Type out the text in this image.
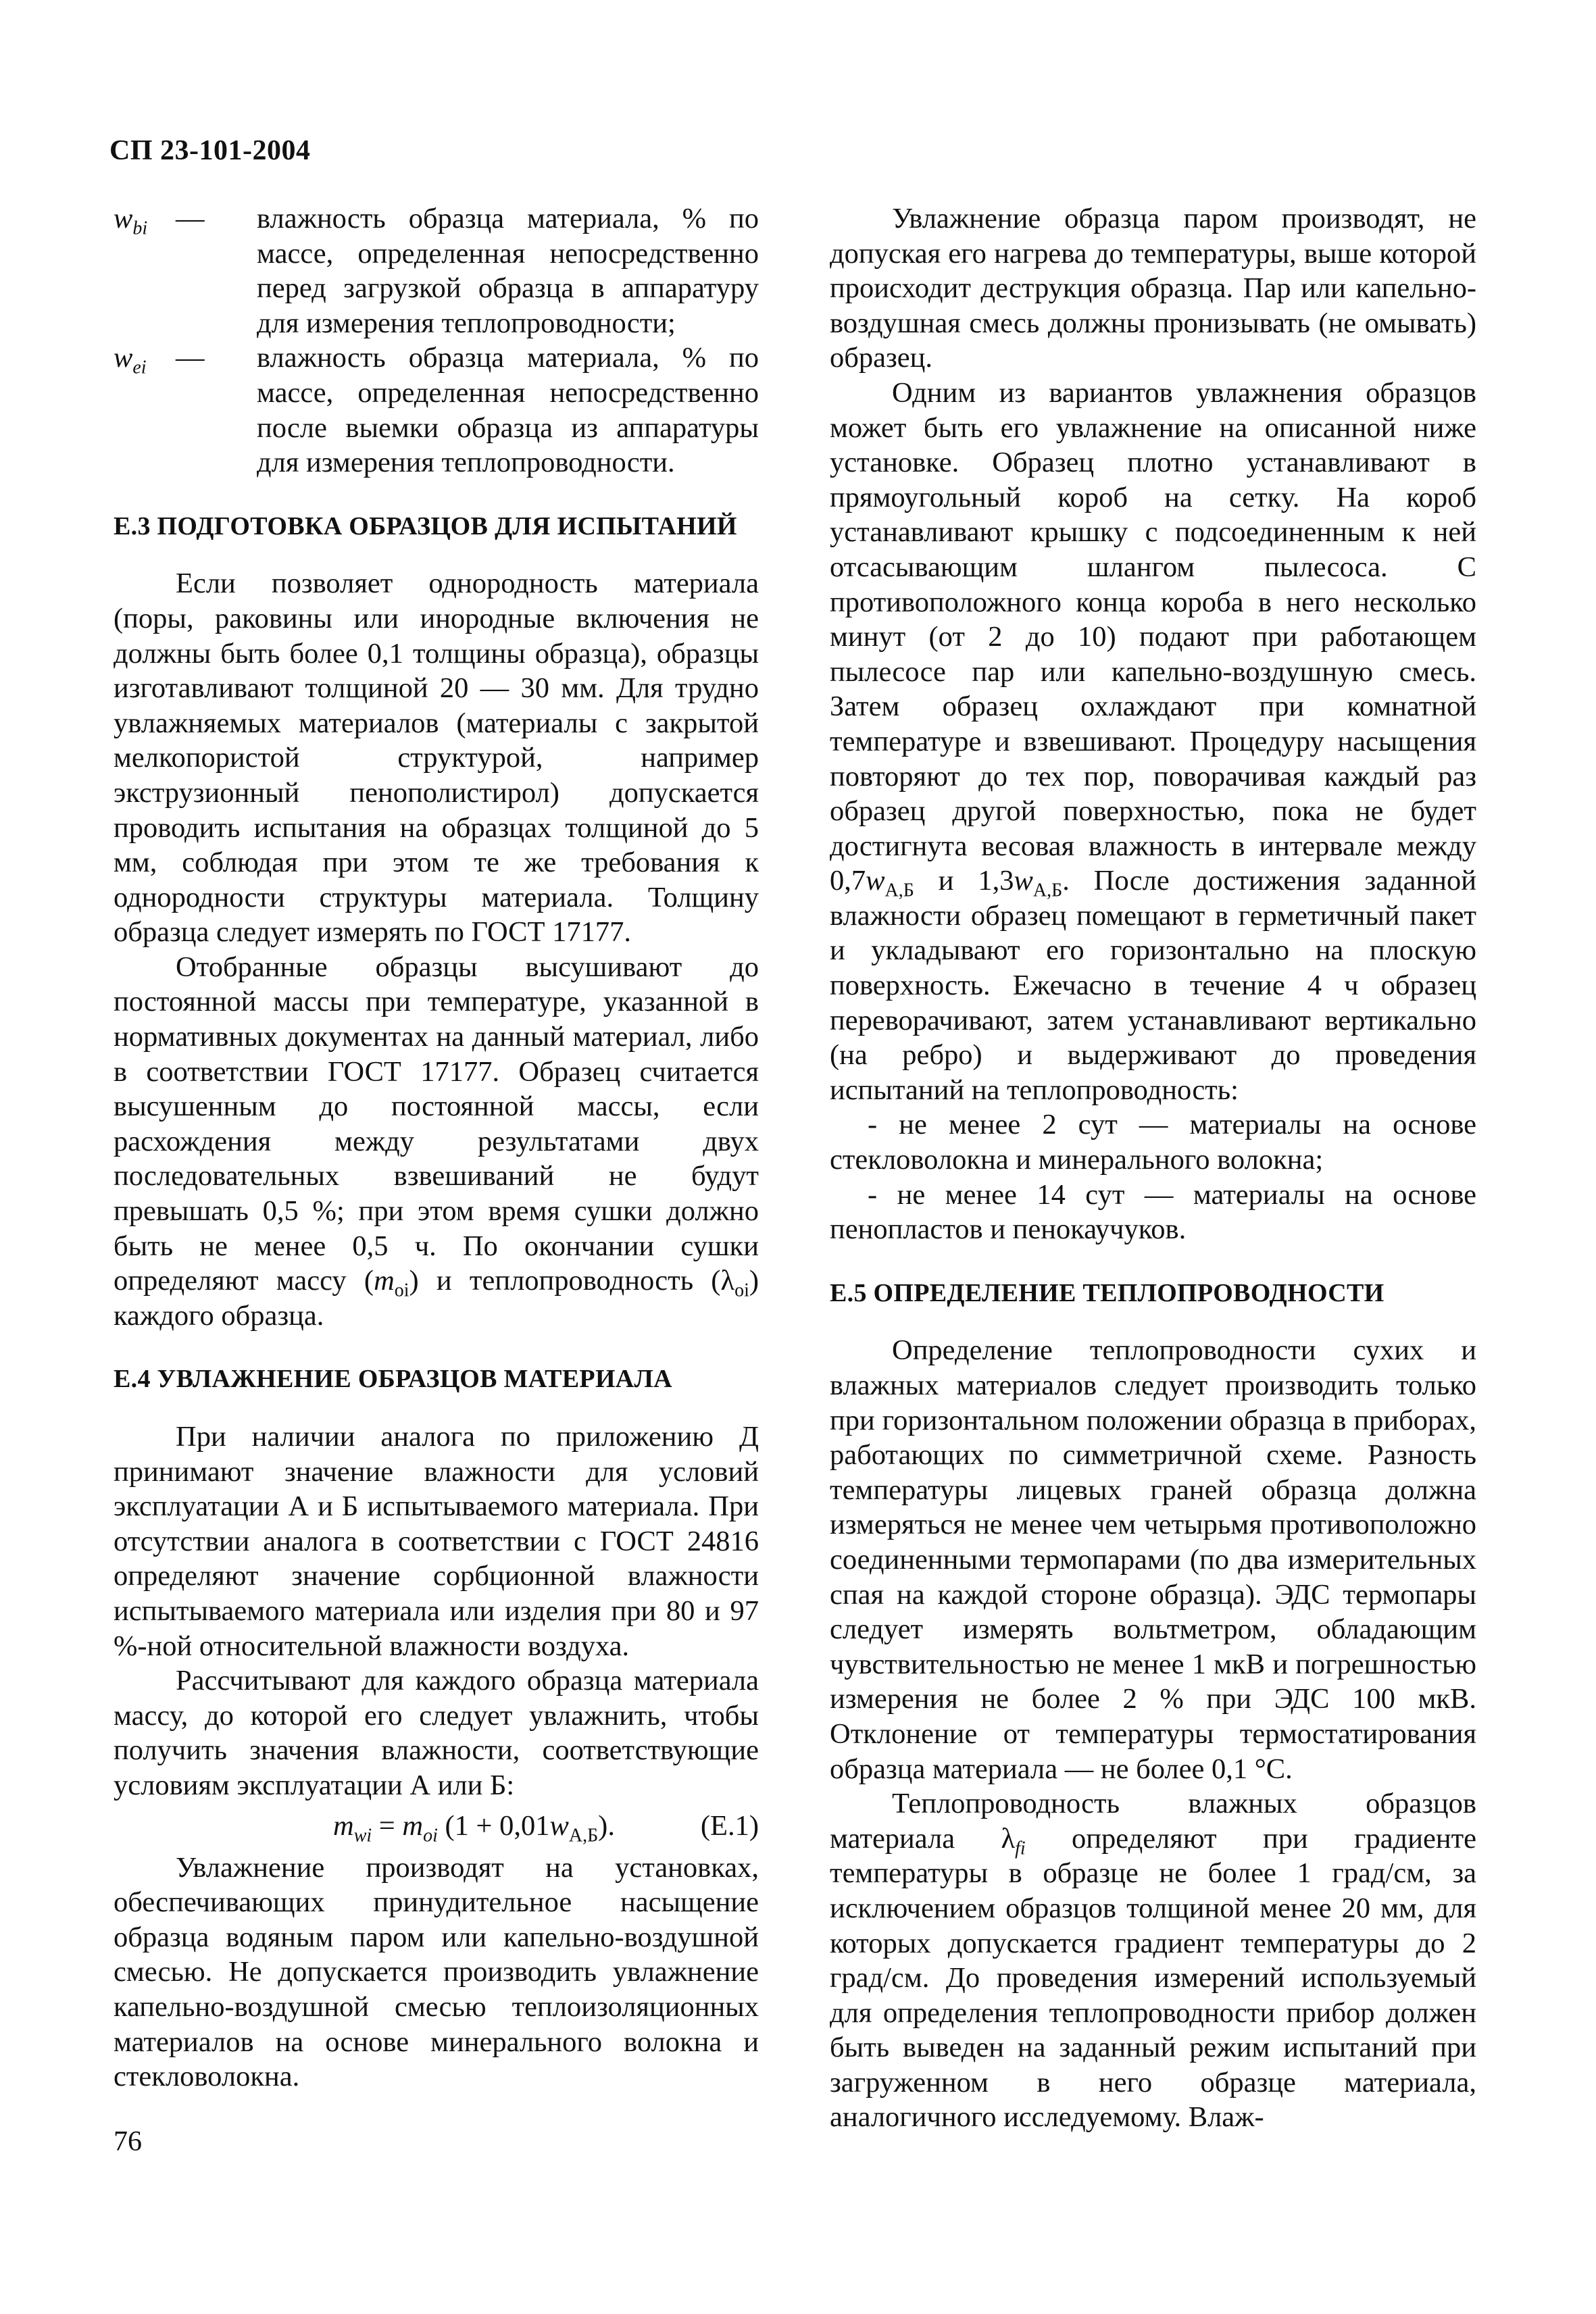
СП 23-101-2004
$w_{bi}$ — влажность образца материала, % по массе, определенная непосредственно перед загрузкой образца в аппаратуру для измерения теплопроводности;
$w_{ei}$ — влажность образца материала, % по массе, определенная непосредственно после выемки образца из аппаратуры для измерения теплопроводности.
Е.3 ПОДГОТОВКА ОБРАЗЦОВ ДЛЯ ИСПЫТАНИЙ

Если позволяет однородность материала (поры, раковины или инородные включения не должны быть более 0,1 толщины образца), образцы изготавливают толщиной 20 — 30 мм. Для трудно увлажняемых материалов (материалы с закрытой мелкопористой структурой, например экструзионный пенополистирол) допускается проводить испытания на образцах толщиной до 5 мм, соблюдая при этом те же требования к однородности структуры материала. Толщину образца следует измерять по ГОСТ 17177.

Отобранные образцы высушивают до постоянной массы при температуре, указанной в нормативных документах на данный материал, либо в соответствии ГОСТ 17177. Образец считается высушенным до постоянной массы, если расхождения между результатами двух последовательных взвешиваний не будут превышать 0,5 %; при этом время сушки должно быть не менее 0,5 ч. По окончании сушки определяют массу $(m_{oi})$ и теплопроводность $(\lambda_{oi})$ каждого образца.

Е.4 УВЛАЖНЕНИЕ ОБРАЗЦОВ МАТЕРИАЛА

При наличии аналога по приложению Д принимают значение влажности для условий эксплуатации А и Б испытываемого материала. При отсутствии аналога в соответствии с ГОСТ 24816 определяют значение сорбционной влажности испытываемого материала или изделия при 80 и 97 %-ной относительной влажности воздуха.

Рассчитывают для каждого образца материала массу, до которой его следует увлажнить, чтобы получить значения влажности, соответствующие условиям эксплуатации А или Б:

$m_{wi} = m_{oi}$ $(1 + 0,01w_{А,Б})$.	(Е.1)

Увлажнение производят на установках, обеспечивающих принудительное насыщение образца водяным паром или капельно-воздушной смесью. Не допускается производить увлажнение капельно-воздушной смесью теплоизоляционных материалов на основе минерального волокна и стекловолокна.

Увлажнение образца паром производят, не допуская его нагрева до температуры, выше которой происходит деструкция образца. Пар или капельно-воздушная смесь должны пронизывать (не омывать) образец.

Одним из вариантов увлажнения образцов может быть его увлажнение на описанной ниже установке. Образец плотно устанавливают в прямоугольный короб на сетку. На короб устанавливают крышку с подсоединенным к ней отсасывающим шлангом пылесоса. С противоположного конца короба в него несколько минут (от 2 до 10) подают при работающем пылесосе пар или капельно-воздушную смесь. Затем образец охлаждают при комнатной температуре и взвешивают. Процедуру насыщения повторяют до тех пор, поворачивая каждый раз образец другой поверхностью, пока не будет достигнута весовая влажность в интервале между $0,7w_{А,Б}$ и $1,3w_{А,Б}$. После достижения заданной влажности образец помещают в герметичный пакет и укладывают его горизонтально на плоскую поверхность. Ежечасно в течение 4 ч образец переворачивают, затем устанавливают вертикально (на ребро) и выдерживают до проведения испытаний на теплопроводность:

- не менее 2 сут — материалы на основе стекловолокна и минерального волокна;

- не менее 14 сут — материалы на основе пенопластов и пенокаучуков.

Е.5 ОПРЕДЕЛЕНИЕ ТЕПЛОПРОВОДНОСТИ

Определение теплопроводности сухих и влажных материалов следует производить только при горизонтальном положении образца в приборах, работающих по симметричной схеме. Разность температуры лицевых граней образца должна измеряться не менее чем четырьмя противоположно соединенными термопарами (по два измерительных спая на каждой стороне образца). ЭДС термопары следует измерять вольтметром, обладающим чувствительностью не менее 1 мкВ и погрешностью измерения не более 2 % при ЭДС 100 мкВ. Отклонение от температуры термостатирования образца материала — не более 0,1 °С.

Теплопроводность влажных образцов материала $\lambda_{fi}$ определяют при градиенте температуры в образце не более 1 град/см, за исключением образцов толщиной менее 20 мм, для которых допускается градиент температуры до 2 град/см. До проведения измерений используемый для определения теплопроводности прибор должен быть выведен на заданный режим испытаний при загруженном в него образце материала, аналогичного исследуемому. Влаж-

76
